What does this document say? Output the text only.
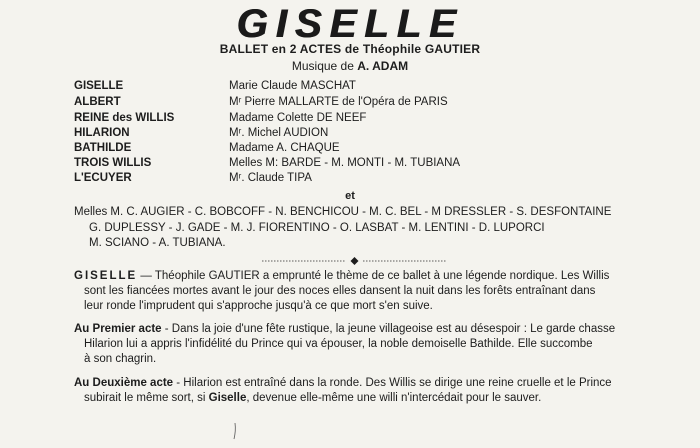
GISELLE
BALLET en 2 ACTES de Théophile GAUTIER
Musique de A. ADAM
GISELLE	Marie Claude MASCHAT
ALBERT	Mʳ Pierre MALLARTE de l'Opéra de PARIS
REINE des WILLIS	Madame Colette DE NEEF
HILARION	Mʳ. Michel AUDION
BATHILDE	Madame A. CHAQUE
TROIS WILLIS	Melles M: BARDE - M. MONTI - M. TUBIANA
L'ECUYER	Mʳ. Claude TIPA
et
Melles M. C. AUGIER - C. BOBCOFF - N. BENCHICOU - M. C. BEL - M DRESSLER - S. DESFONTAINE
G. DUPLESSY - J. GADE - M. J. FIORENTINO - O. LASBAT - M. LENTINI - D. LUPORCI
M. SCIANO - A. TUBIANA.
GISELLE — Théophile GAUTIER a emprunté le thème de ce ballet à une légende nordique. Les Willis
sont les fiancées mortes avant le jour des noces elles dansent la nuit dans les forêts entraînant dans
leur ronde l'imprudent qui s'approche jusqu'à ce que mort s'en suive.
Au Premier acte - Dans la joie d'une fête rustique, la jeune villageoise est au désespoir : Le garde chasse
Hilarion lui a appris l'infidélité du Prince qui va épouser, la noble demoiselle Bathilde. Elle succombe
à son chagrin.
Au Deuxième acte - Hilarion est entraîné dans la ronde. Des Willis se dirige une reine cruelle et le Prince
subirait le même sort, si Giselle, devenue elle-même une willi n'intercédait pour le sauver.
